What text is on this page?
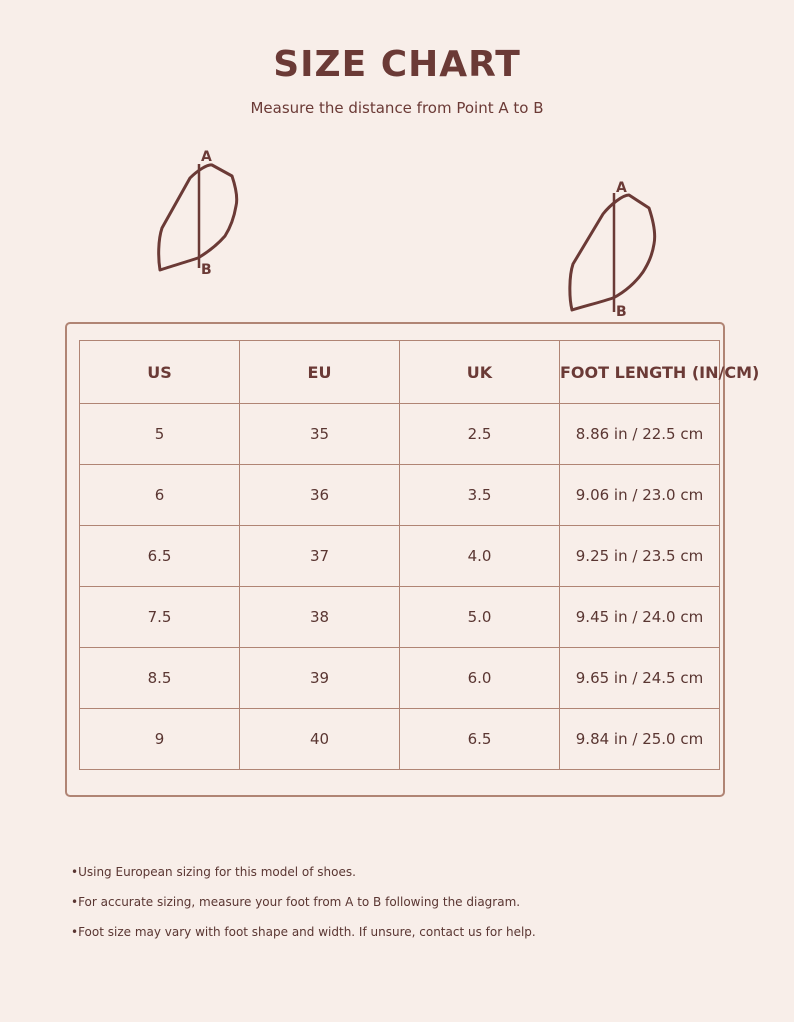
SIZE CHART
Measure the distance from Point A to B
A
B
A
B
US	EU	UK	FOOT LENGTH (IN/CM)
5	35	2.5	8.86 in / 22.5 cm
6	36	3.5	9.06 in / 23.0 cm
6.5	37	4.0	9.25 in / 23.5 cm
7.5	38	5.0	9.45 in / 24.0 cm
8.5	39	6.0	9.65 in / 24.5 cm
9	40	6.5	9.84 in / 25.0 cm
• Using European sizing for this model of shoes.
• For accurate sizing, measure your foot from A to B following the diagram.
• Foot size may vary with foot shape and width. If unsure, contact us for help.
